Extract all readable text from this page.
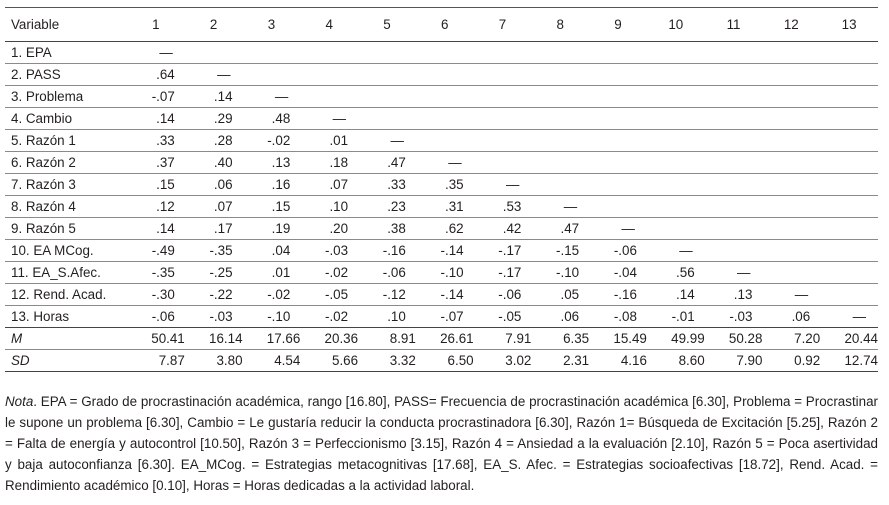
Variable	1	2	3	4	5	6	7	8	9	10	11	12	13
1. EPA	—												
2. PASS	.64	—											
3. Problema	-.07	.14	—										
4. Cambio	.14	.29	.48	—									
5. Razón 1	.33	.28	-.02	.01	—								
6. Razón 2	.37	.40	.13	.18	.47	—							
7. Razón 3	.15	.06	.16	.07	.33	.35	—						
8. Razón 4	.12	.07	.15	.10	.23	.31	.53	—					
9. Razón 5	.14	.17	.19	.20	.38	.62	.42	.47	—				
10. EA MCog.	-.49	-.35	.04	-.03	-.16	-.14	-.17	-.15	-.06	—			
11. EA_S.Afec.	-.35	-.25	.01	-.02	-.06	-.10	-.17	-.10	-.04	.56	—		
12. Rend. Acad.	-.30	-.22	-.02	-.05	-.12	-.14	-.06	.05	-.16	.14	.13	—	
13. Horas	-.06	-.03	-.10	-.02	.10	-.07	-.05	.06	-.08	-.01	-.03	.06	—
M	50.41	16.14	17.66	20.36	8.91	26.61	7.91	6.35	15.49	49.99	50.28	7.20	20.44
SD	7.87	3.80	4.54	5.66	3.32	6.50	3.02	2.31	4.16	8.60	7.90	0.92	12.74

Nota. EPA = Grado de procrastinación académica, rango [16.80], PASS= Frecuencia de procrastinación académica [6.30], Problema = Procrastinar le supone un problema [6.30], Cambio = Le gustaría reducir la conducta procrastinadora [6.30], Razón 1= Búsqueda de Excitación [5.25], Razón 2 = Falta de energía y autocontrol [10.50], Razón 3 = Perfeccionismo [3.15], Razón 4 = Ansiedad a la evaluación [2.10], Razón 5 = Poca asertividad y baja autoconfianza [6.30]. EA_MCog. = Estrategias metacognitivas [17.68], EA_S. Afec. = Estrategias socioafectivas [18.72], Rend. Acad. = Rendimiento académico [0.10], Horas = Horas dedicadas a la actividad laboral.
